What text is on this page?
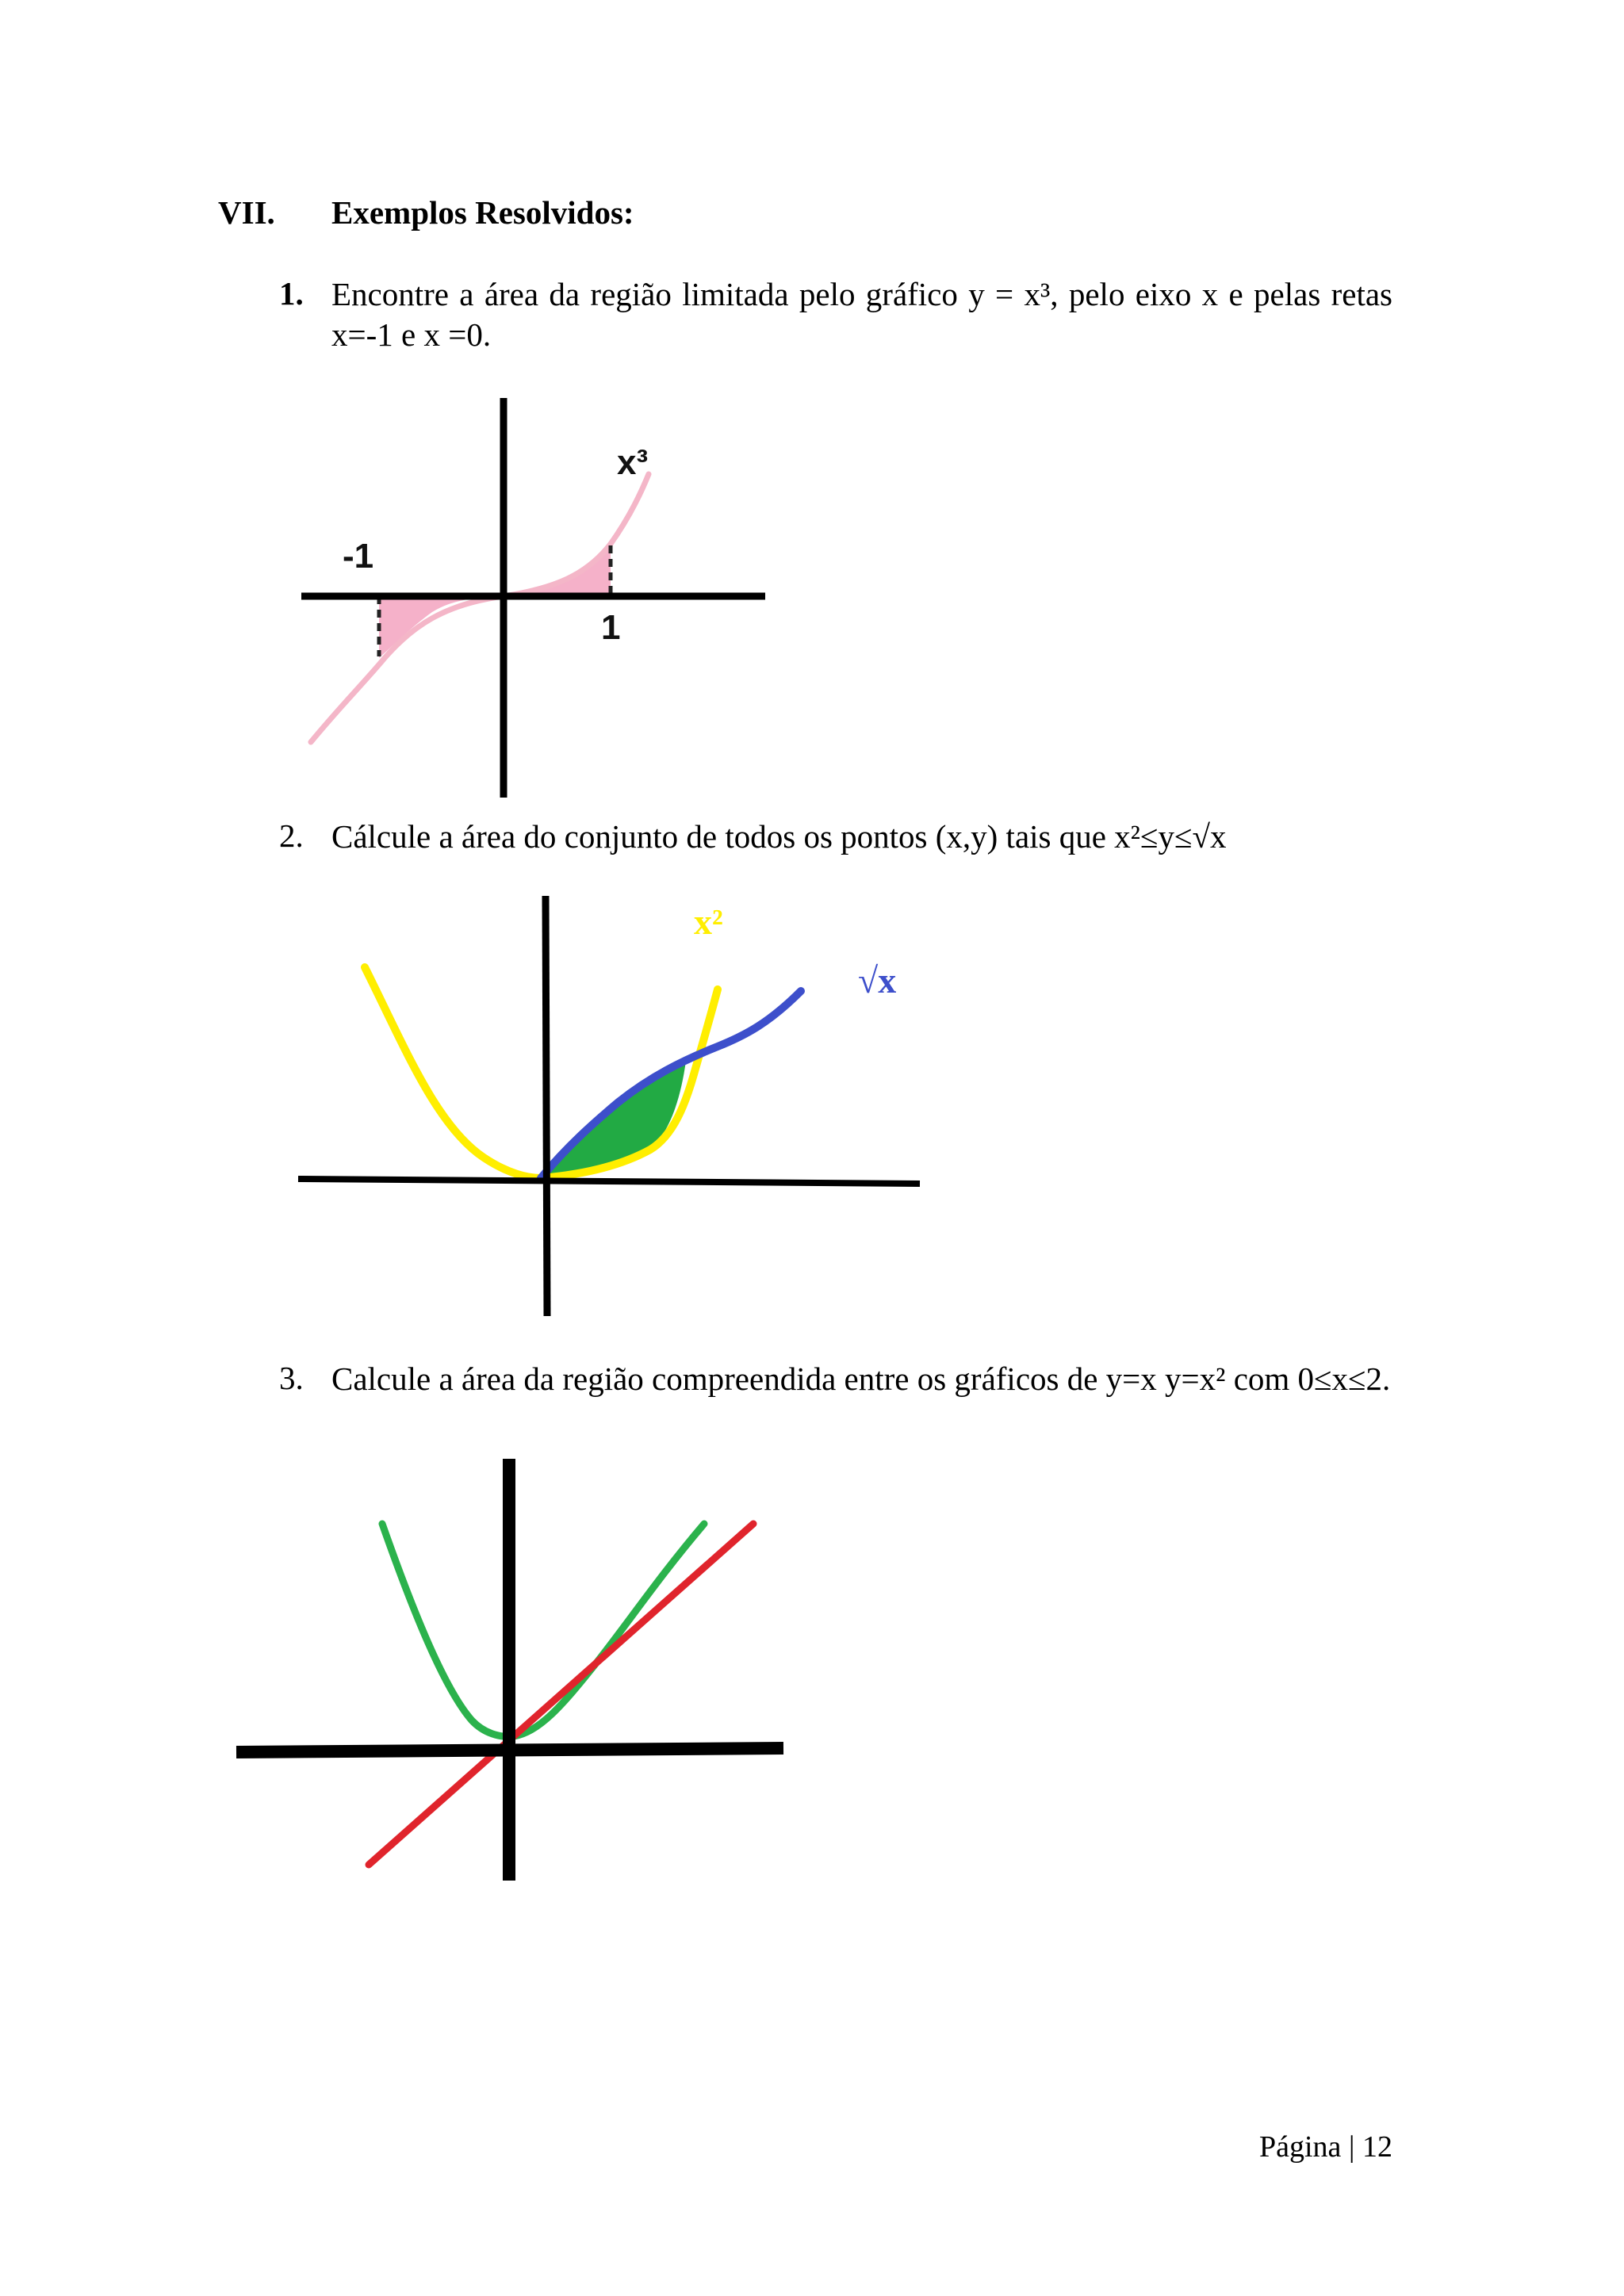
VII. Exemplos Resolvidos:
1. Encontre a área da região limitada pelo gráfico y = x³, pelo eixo x e pelas retas x=-1 e x =0.
x³
-1
1
2. Cálcule a área do conjunto de todos os pontos (x,y) tais que x²≤y≤√x
x²
√x
3. Calcule a área da região compreendida entre os gráficos de y=x y=x² com 0≤x≤2.
Página | 12
